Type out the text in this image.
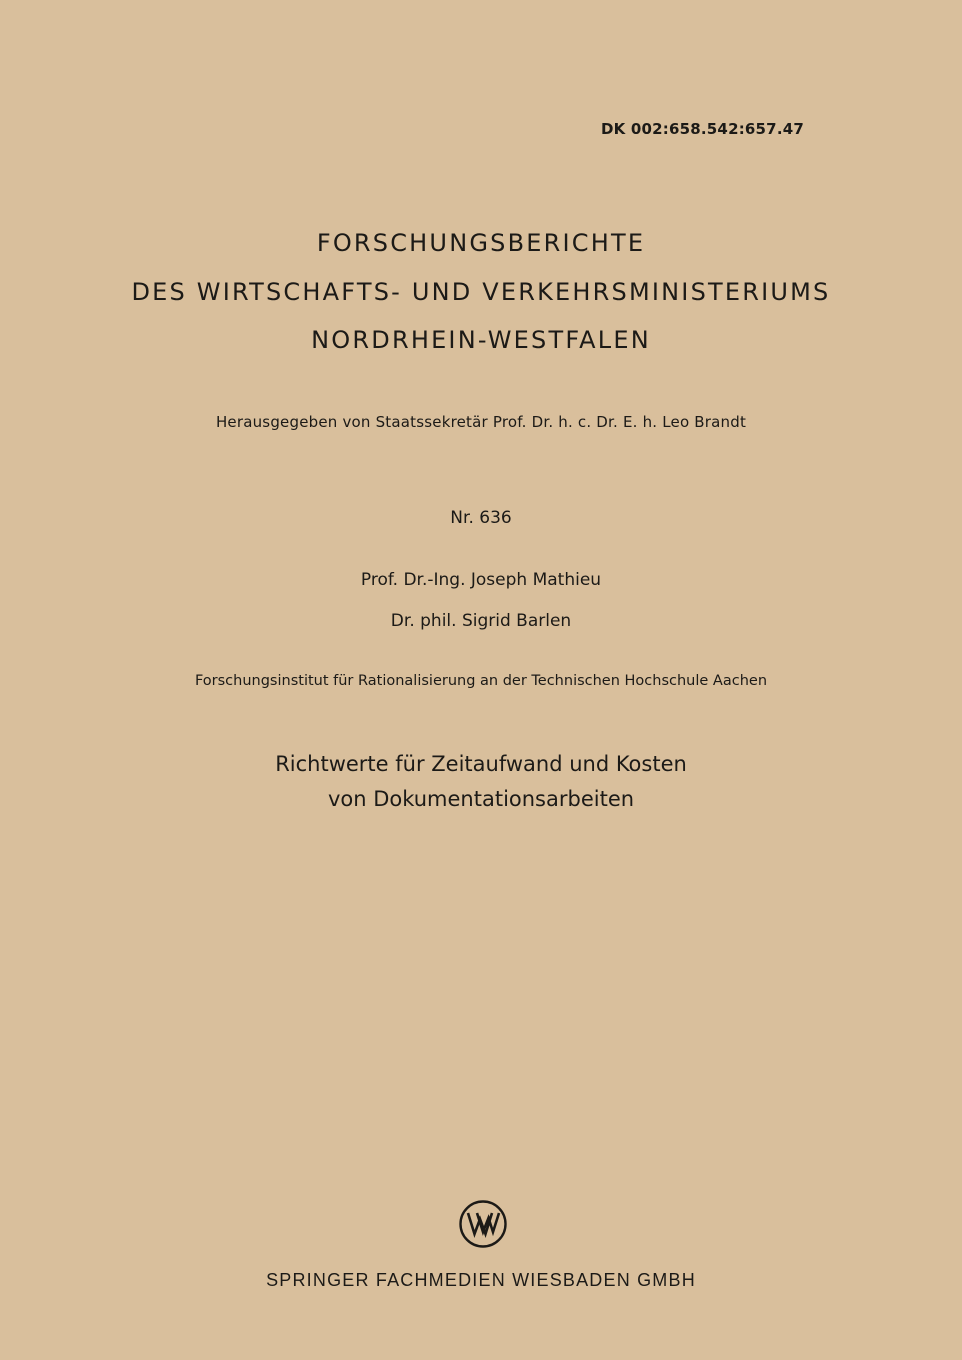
DK 002:658.542:657.47
FORSCHUNGSBERICHTE
DES WIRTSCHAFTS- UND VERKEHRSMINISTERIUMS
NORDRHEIN-WESTFALEN
Herausgegeben von Staatssekretär Prof. Dr. h. c. Dr. E. h. Leo Brandt
Nr. 636
Prof. Dr.-Ing. Joseph Mathieu
Dr. phil. Sigrid Barlen
Forschungsinstitut für Rationalisierung an der Technischen Hochschule Aachen
Richtwerte für Zeitaufwand und Kosten
von Dokumentationsarbeiten
SPRINGER FACHMEDIEN WIESBADEN GMBH
